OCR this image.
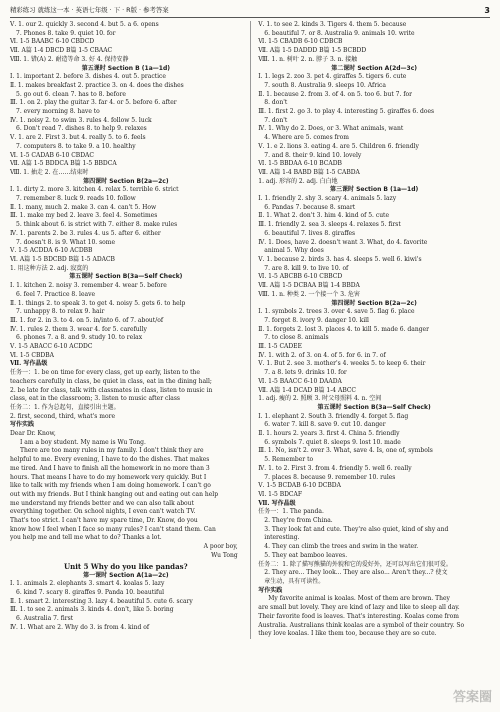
精彩练习 就练这一本 · 英语七年级 · 下 · R版 · 参考答案	3

Ⅴ. 1. our 2. quickly 3. second 4. but 5. a 6. opens

7. Phones 8. take 9. quiet 10. for

Ⅵ. 1-5 BAABC 6-10 CBDCD

Ⅶ. A篇 1-4 DBCD B篇 1-5 CBAAC

Ⅷ. 1. 错(A) 2. 耐造等命 3. 好 4. 保持安静

第五课时 Section B (1a—1d)

Ⅰ. 1. important 2. before 3. dishes 4. out 5. practice

Ⅱ. 1. makes breakfast 2. practice 3. on 4. does the dishes

5. go out 6. clean 7. has to 8. before

Ⅲ. 1. on 2. play the guitar 3. far 4. or 5. before 6. after

7. every morning 8. have to

Ⅳ. 1. noisy 2. to swim 3. rules 4. follow 5. luck

6. Don't read 7. dishes 8. to help 9. relaxes

Ⅴ. 1. are 2. First 3. but 4. really 5. to 6. feels

7. computers 8. to take 9. a 10. healthy

Ⅵ. 1-5 CADAB 6-10 CBDAC

Ⅶ. A篇 1-5 BDDCA B篇 1-5 BBDCA

Ⅷ. 1. 抽走 2. 在……结束时

第四课时 Section B(2a—2c)

Ⅰ. 1. dirty 2. more 3. kitchen 4. relax 5. terrible 6. strict

7. remember 8. luck 9. reads 10. follow

Ⅱ. 1. many, much 2. make 3. can 4. can't 5. How

Ⅲ. 1. make my bed 2. leave 3. feel 4. Sometimes

5. think about 6. is strict with 7. either 8. make rules

Ⅳ. 1. parents 2. be 3. rules 4. us 5. after 6. either

7. doesn't 8. is 9. What 10. some

Ⅴ. 1-5 ACDDA 6-10 ACDBB

Ⅵ. A篇 1-5 BDCBD B篇 1-5 ADACB

1. 用这种方法 2. adj. 寂寞的

第五课时 Section B(3a—Self Check)

Ⅰ. 1. kitchen 2. noisy 3. remember 4. wear 5. before

6. feel 7. Practice 8. leave

Ⅱ. 1. things 2. to speak 3. to get 4. noisy 5. gets 6. to help

7. unhappy 8. to relax 9. hair

Ⅲ. 1. for 2. in 3. to 4. on 5. in/into 6. of 7. about/of

Ⅳ. 1. rules 2. them 3. wear 4. for 5. carefully

6. phones 7. a 8. and 9. study 10. to relax

Ⅴ. 1-5 ABACC 6-10 ACDDC

Ⅵ. 1-5 CBDBA

Ⅶ. 写作晶级

任务一：1. be on time for every class, get up early, listen to the

teachers carefully in class, be quiet in class, eat in the dining hall;

2. be late for class, talk with classmates in class, listen to music in

class, eat in the classroom; 3. listen to music after class

任务二：1. 作为总起句，直接引出主题。

2. first, second, third, what's more

写作实践

Dear Dr. Know,

I am a boy student. My name is Wu Tong.

There are too many rules in my family. I don't think they are

helpful to me. Every evening, I have to do the dishes. That makes

me tired. And I have to finish all the homework in no more than 3

hours. That means I have to do my homework very quickly. But I

like to talk with my friends when I am doing homework. I can't go

out with my friends. But I think hanging out and eating out can help

me understand my friends better and we can also talk about

everything together. On school nights, I even can't watch TV.

That's too strict. I can't have my spare time, Dr. Know, do you

know how I feel when I face so many rules? I can't stand them. Can

you help me and tell me what to do? Thanks a lot.

A poor boy,

Wu Tong

Unit 5 Why do you like pandas?

第一课时 Section A(1a—2c)

Ⅰ. 1. animals 2. elephants 3. smart 4. koalas 5. lazy

6. kind 7. scary 8. giraffes 9. Panda 10. beautiful

Ⅱ. 1. smart 2. interesting 3. lazy 4. beautiful 5. cute 6. scary

Ⅲ. 1. to see 2. animals 3. kinds 4. don't, like 5. boring

6. Australia 7. first

Ⅳ. 1. What are 2. Why do 3. is from 4. kind of

Ⅴ. 1. to see 2. kinds 3. Tigers 4. them 5. because

6. beautiful 7. or 8. Australia 9. animals 10. write

Ⅵ. 1-5 CBADB 6-10 CDBCB

Ⅶ. A篇 1-5 DADDD B篇 1-5 BCBDD

Ⅷ. 1. n. 树叶 2. n. 脖子 3. n. 接触

第二课时 Section A(2d—3c)

Ⅰ. 1. legs 2. zoo 3. pet 4. giraffes 5. tigers 6. cute

7. south 8. Australia 9. sleeps 10. Africa

Ⅱ. 1. because 2. from 3. of 4. on 5. too 6. but 7. for

8. don't

Ⅲ. 1. first 2. go 3. to play 4. interesting 5. giraffes 6. does

7. don't

Ⅳ. 1. Why do 2. Does, or 3. What animals, want

4. Where are 5. comes from

Ⅴ. 1. e 2. lions 3. eating 4. are 5. Children 6. friendly

7. and 8. their 9. kind 10. lovely

Ⅵ. 1-5 BBDAA 6-10 BCADB

Ⅶ. A篇 1-4 BABD B篇 1-5 CABDA

1. adj. 形容的 2. adj. 白白地

第三课时 Section B (1a—1d)

Ⅰ. 1. friendly 2. shy 3. scary 4. animals 5. lazy

6. Pandas 7. because 8. smart

Ⅱ. 1. What 2. don't 3. him 4. kind of 5. cute

Ⅲ. 1. friendly 2. sea 3. sleeps 4. relaxes 5. first

6. beautiful 7. lives 8. giraffes

Ⅳ. 1. Does, have 2. doesn't want 3. What, do 4. favorite

animal 5. Why does

Ⅴ. 1. because 2. birds 3. has 4. sleeps 5. well 6. kiwi's

7. are 8. kill 9. to live 10. of

Ⅵ. 1-5 ABCBB 6-10 CBBCD

Ⅶ. A篇 1-5 DCBAA B篇 1-4 BBDA

Ⅷ. 1. n. 种类 2. 一个接一个 3. 危害

第四课时 Section B(2a—2c)

Ⅰ. 1. symbols 2. trees 3. over 4. save 5. flag 6. place

7. forget 8. ivory 9. danger 10. kill

Ⅱ. 1. forgets 2. lost 3. places 4. to kill 5. made 6. danger

7. to close 8. animals

Ⅲ. 1-5 CADEE

Ⅳ. 1. with 2. of 3. on 4. of 5. for 6. in 7. of

Ⅴ. 1. But 2. see 3. mother's 4. weeks 5. to keep 6. their

7. a 8. lets 9. drinks 10. for

Ⅵ. 1-5 BAACC 6-10 DAADA

Ⅶ. A篇 1-4 DCAD B篇 1-4 ABCC

1. adj. 瘦的 2. 照顾 3. 时父母照料 4. n. 空间

第五课时 Section B(3a—Self Check)

Ⅰ. 1. elephant 2. South 3. friendly 4. forget 5. flag

6. water 7. kill 8. save 9. cut 10. danger

Ⅱ. 1. hours 2. years 3. first 4. China 5. friendly

6. symbols 7. quiet 8. sleeps 9. lost 10. made

Ⅲ. 1. No, isn't 2. over 3. What, save 4. Is, one of, symbols

5. Remember to

Ⅳ. 1. to 2. First 3. from 4. friendly 5. well 6. really

7. places 8. because 9. remember 10. rules

Ⅴ. 1-5 BCDAB 6-10 DCBDA

Ⅵ. 1-5 BDCAF

Ⅶ. 写作晶级

任务一：1. The panda.

2. They're from China.

3. They look fat and cute. They're also quiet, kind of shy and

interesting.

4. They can climb the trees and swim in the water.

5. They eat bamboo leaves.

任务二：1. 除了描写熊猫的外貌和它的爱好外，还可以写出它们很可爱。

2. They are... They look... They are also... Aren't they...? 使文

章生动，具有可读性。

写作实践

My favorite animal is koalas. Most of them are brown. They

are small but lovely. They are kind of lazy and like to sleep all day.

Their favorite food is leaves. That's interesting. Koalas come from

Australia. Australians think koalas are a symbol of their country. So

they love koalas. I like them too, because they are so cute.

答案圈
